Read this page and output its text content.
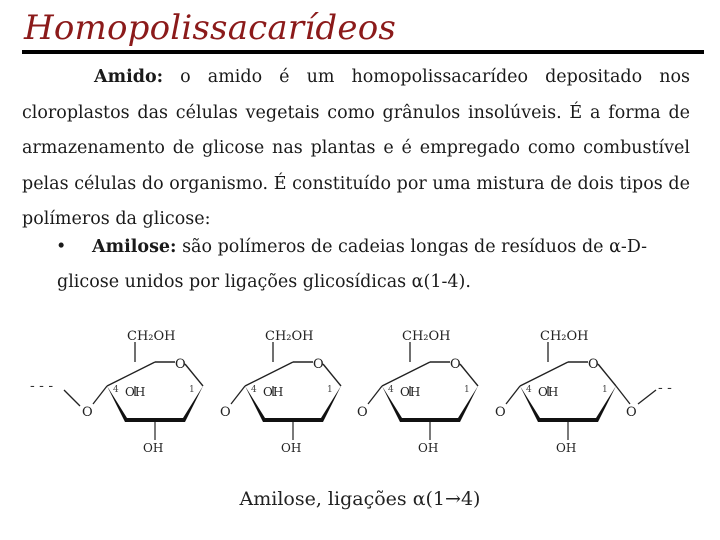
Homopolissacarídeos
Amido: o amido é um homopolissacarídeo depositado nos cloroplastos das células vegetais como grânulos insolúveis. É a forma de armazenamento de glicose nas plantas e é empregado como combustível pelas células do organismo. É constituído por uma mistura de dois tipos de polímeros da glicose:
•	Amilose: são polímeros de cadeias longas de resíduos de α-D-
glicose unidos por ligações glicosídicas α(1-4).
- - -
O
CH₂OH
OH
OH
4	1
O
O
CH₂OH
OH
OH
4	1
O
O
CH₂OH
OH
OH
4	1
O
O
CH₂OH
OH
OH
4	1
O	O
- -
Amilose, ligações α(1→4)
